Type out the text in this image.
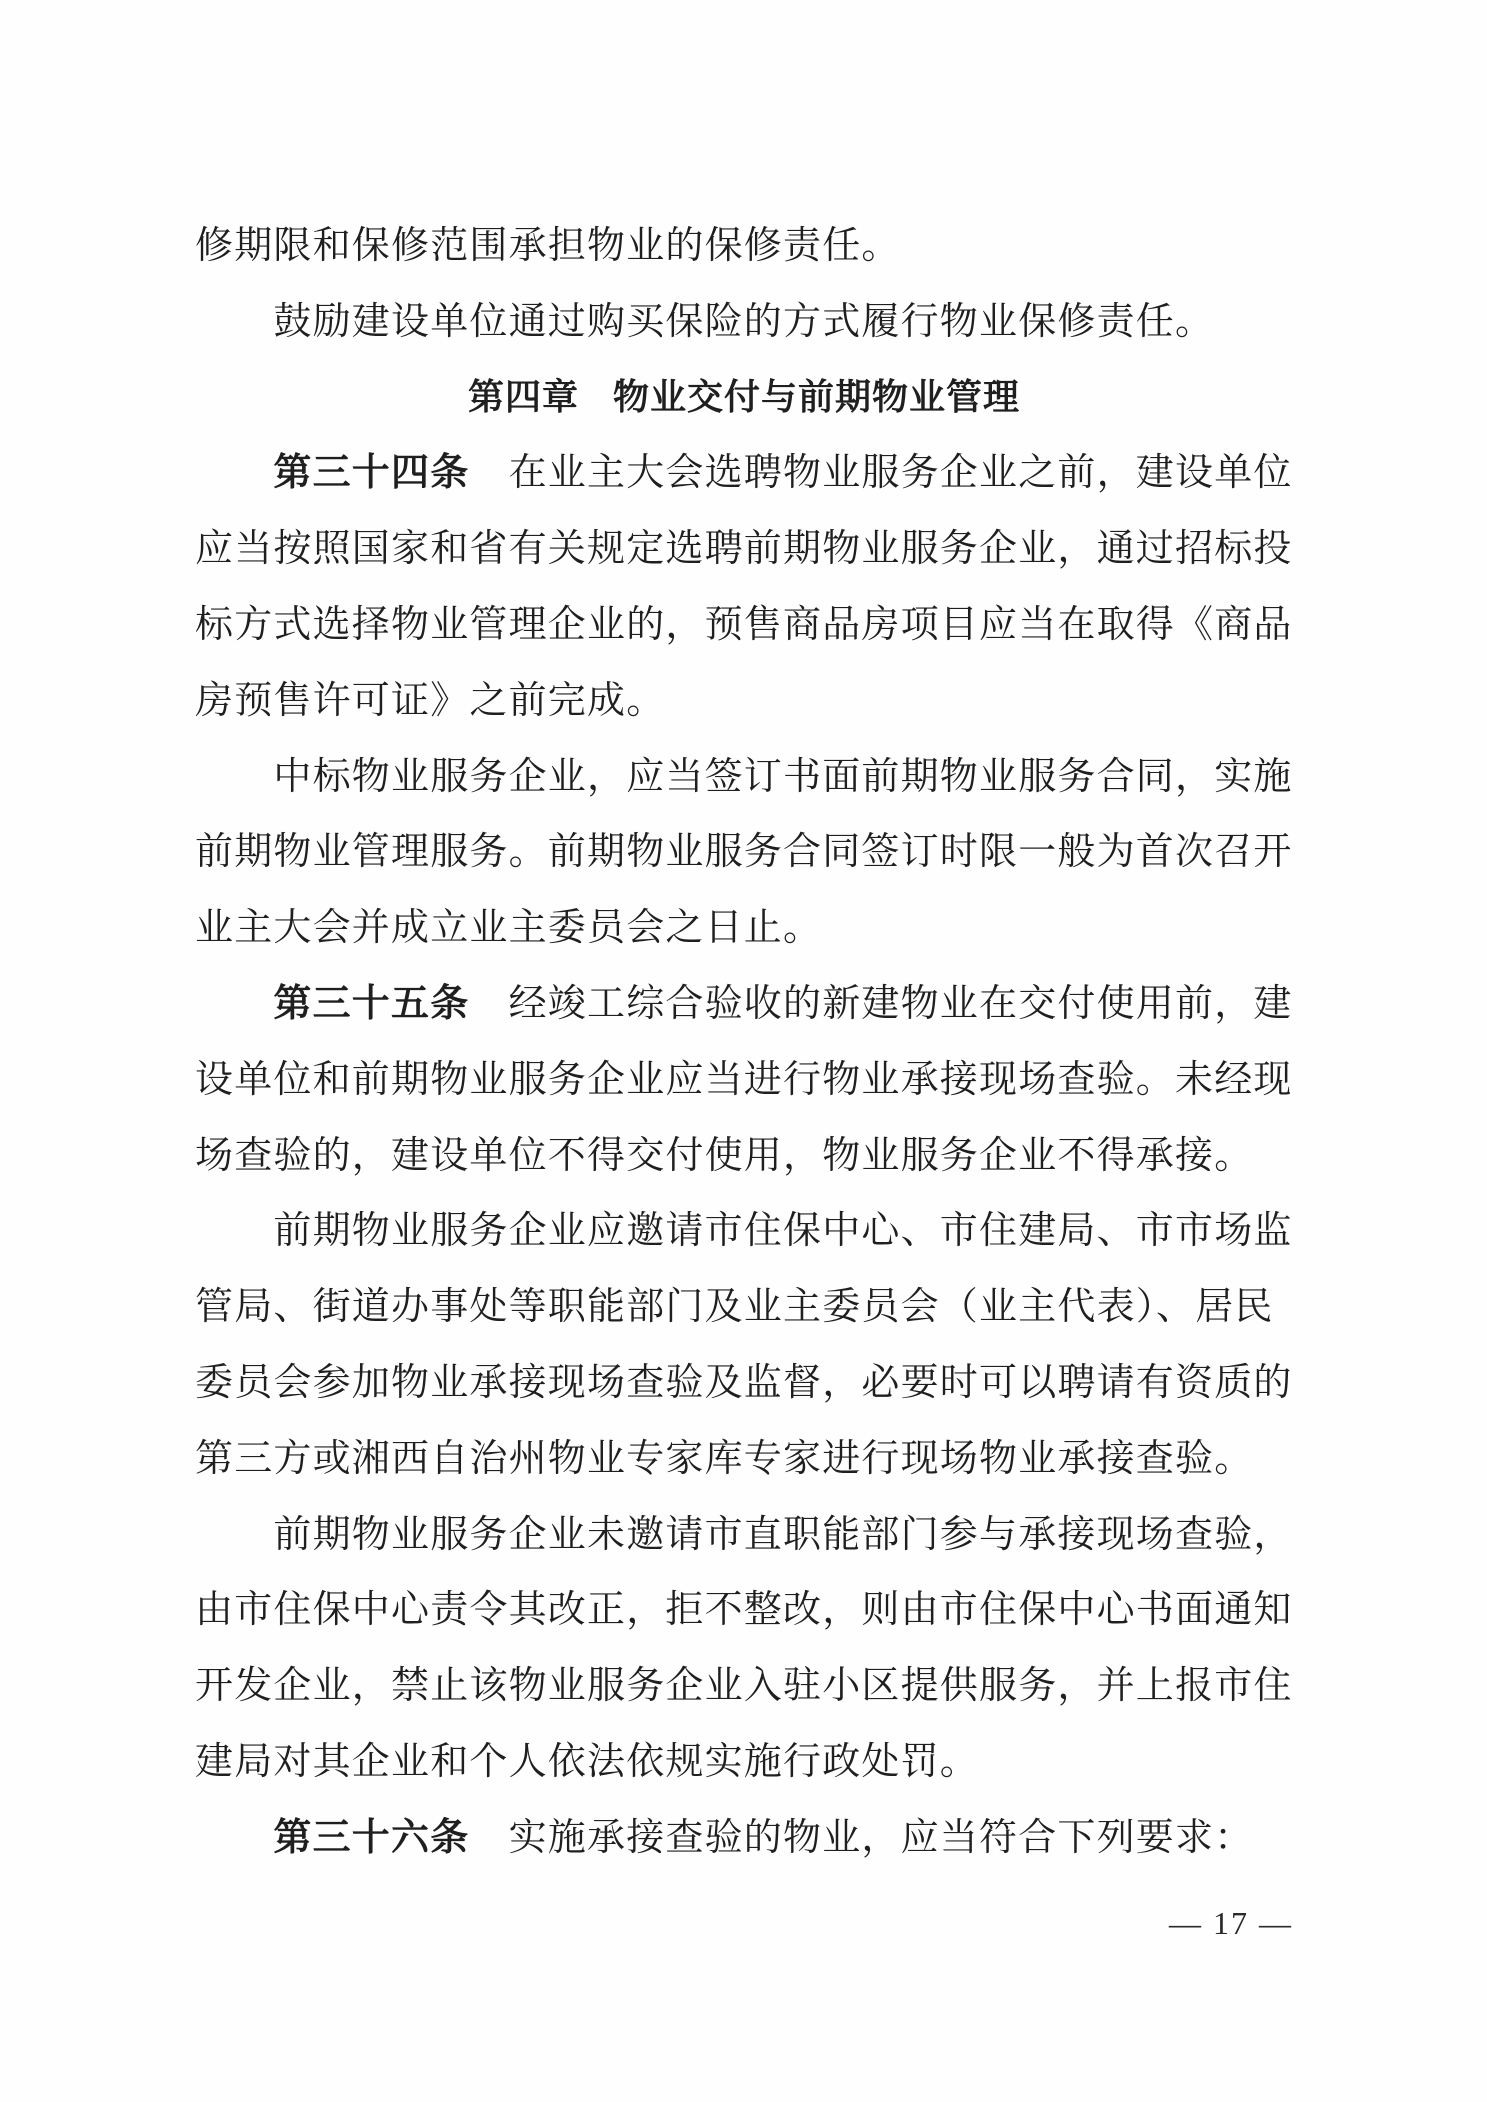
修期限和保修范围承担物业的保修责任。
鼓励建设单位通过购买保险的方式履行物业保修责任。
第四章 物业交付与前期物业管理
第三十四条 在业主大会选聘物业服务企业之前，建设单位
应当按照国家和省有关规定选聘前期物业服务企业，通过招标投
标方式选择物业管理企业的，预售商品房项目应当在取得《商品
房预售许可证》之前完成。
中标物业服务企业，应当签订书面前期物业服务合同，实施
前期物业管理服务。前期物业服务合同签订时限一般为首次召开
业主大会并成立业主委员会之日止。
第三十五条 经竣工综合验收的新建物业在交付使用前，建
设单位和前期物业服务企业应当进行物业承接现场查验。未经现
场查验的，建设单位不得交付使用，物业服务企业不得承接。
前期物业服务企业应邀请市住保中心、市住建局、市市场监
管局、街道办事处等职能部门及业主委员会（业主代表）、居民
委员会参加物业承接现场查验及监督，必要时可以聘请有资质的
第三方或湘西自治州物业专家库专家进行现场物业承接查验。
前期物业服务企业未邀请市直职能部门参与承接现场查验，
由市住保中心责令其改正，拒不整改，则由市住保中心书面通知
开发企业，禁止该物业服务企业入驻小区提供服务，并上报市住
建局对其企业和个人依法依规实施行政处罚。
第三十六条 实施承接查验的物业，应当符合下列要求：
— 17 —
